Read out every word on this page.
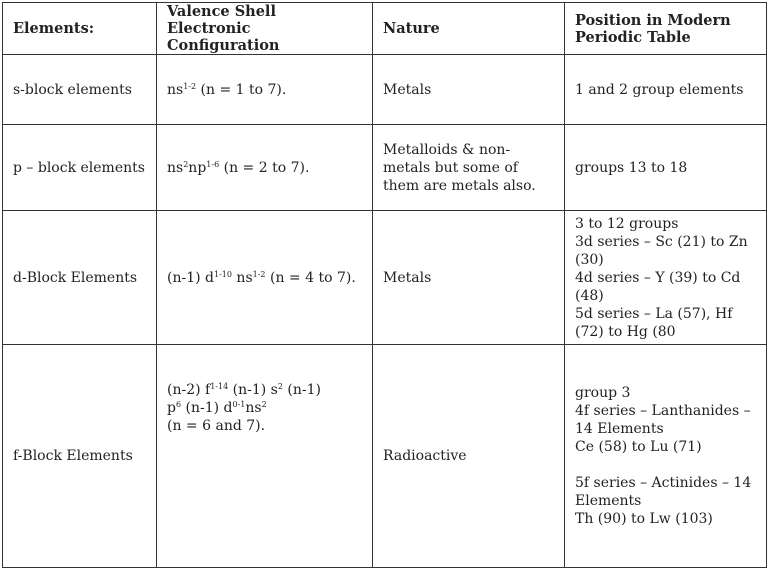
Elements:	Valence Shell Electronic Configuration	Nature	Position in Modern Periodic Table
s-block elements	$ns^{1-2}$ (n = 1 to 7).	Metals	1 and 2 group elements

p – block elements	$ns^2np^{1-6}$ (n = 2 to 7).	Metalloids & non-metals but some of them are metals also.	groups 13 to 18

d-Block Elements	(n-1) $d^{1-10}$ $ns^{1-2}$ (n = 4 to 7).	Metals	3 to 12 groups
3d series – Sc (21) to Zn (30)
4d series – Y (39) to Cd (48)
5d series – La (57), Hf (72) to Hg (80

f-Block Elements	(n-2) $f^{1-14}$ (n-1) $s^2$ (n-1)
$p^6$ (n-1) $d^{0-1}ns^2$
(n = 6 and 7).	Radioactive	group 3
4f series – Lanthanides – 14 Elements
Ce (58) to Lu (71)
5f series – Actinides – 14 Elements
Th (90) to Lw (103)
